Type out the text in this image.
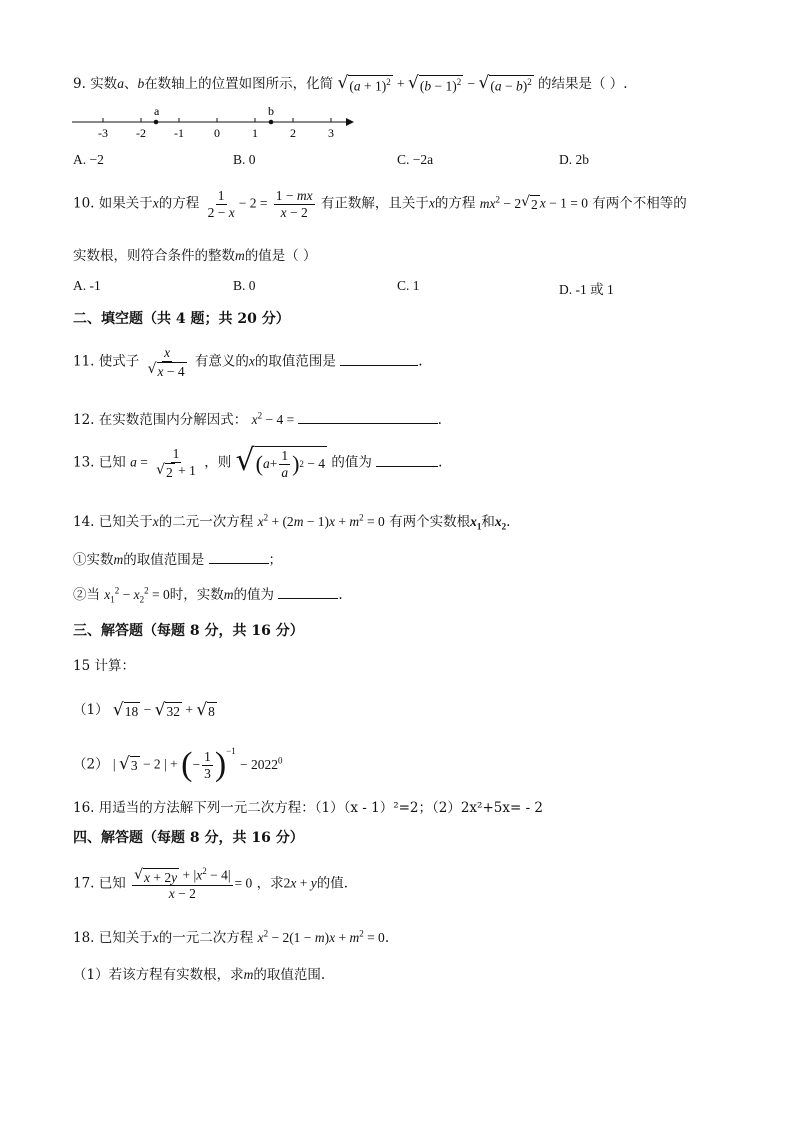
9. 实数a、b在数轴上的位置如图所示，化简 √ $(a + 1)^2$ + √ $(b - 1)^2$ − √ $(a - b)^2$ 的结果是（ ）.
-3 -2 -1	0	1	2	3
a	b
A. −2	B. 0	C. −2a	D. 2b
10. 如果关于x的方程 $\frac{1}{2 - x} - 2 = \frac{1 - mx}{x - 2}$ 有正数解，且关于x的方程 $mx^2 - 2$ √ 2 x − 1 = 0 有两个不相等的
实数根，则符合条件的整数m的值是（ ）
A. -1	B. 0	C. 1	D. -1 或 1
二、填空题（共 4 题；共 20 分）
11. 使式子 $\frac{x}{√ x - 4}$ 有意义的x的取值范围是	.
12. 在实数范围内分解因式： $x^2 - 4$ =	.
13. 已知 $a = \frac{1}{√ 2 + 1}$ ，则 √ ( $a + \frac{1}{a}$ ) 2 − 4 的值为	.
14. 已知关于x的二元一次方程 $x^2 + (2m - 1)x + m^2 = 0$ 有两个实数根$x_1$和$x_2$.
①实数m的取值范围是	；
②当 $x_1^2 - x_2^2 = 0$时，实数m的值为	.
三、解答题（每题 8 分，共 16 分）
15 计算：
（1） √ 18 − √ 32 + √ 8
（2） | √ 3 − 2 | + ( − $\frac{1}{3} )^{-1}$
− $2022^0$
16. 用适当的方法解下列一元二次方程：（1）（x - 1）²=2；（2）2x²+5x= - 2
四、解答题（每题 8 分，共 16 分）
17. 已知 $\frac{√ x + 2y + |x^2 - 4|}{x - 2} = 0$ ，求2x + y的值.
18. 已知关于x的一元二次方程 $x^2 - 2(1 - m)x + m^2 = 0$.
（1）若该方程有实数根，求m的取值范围.
